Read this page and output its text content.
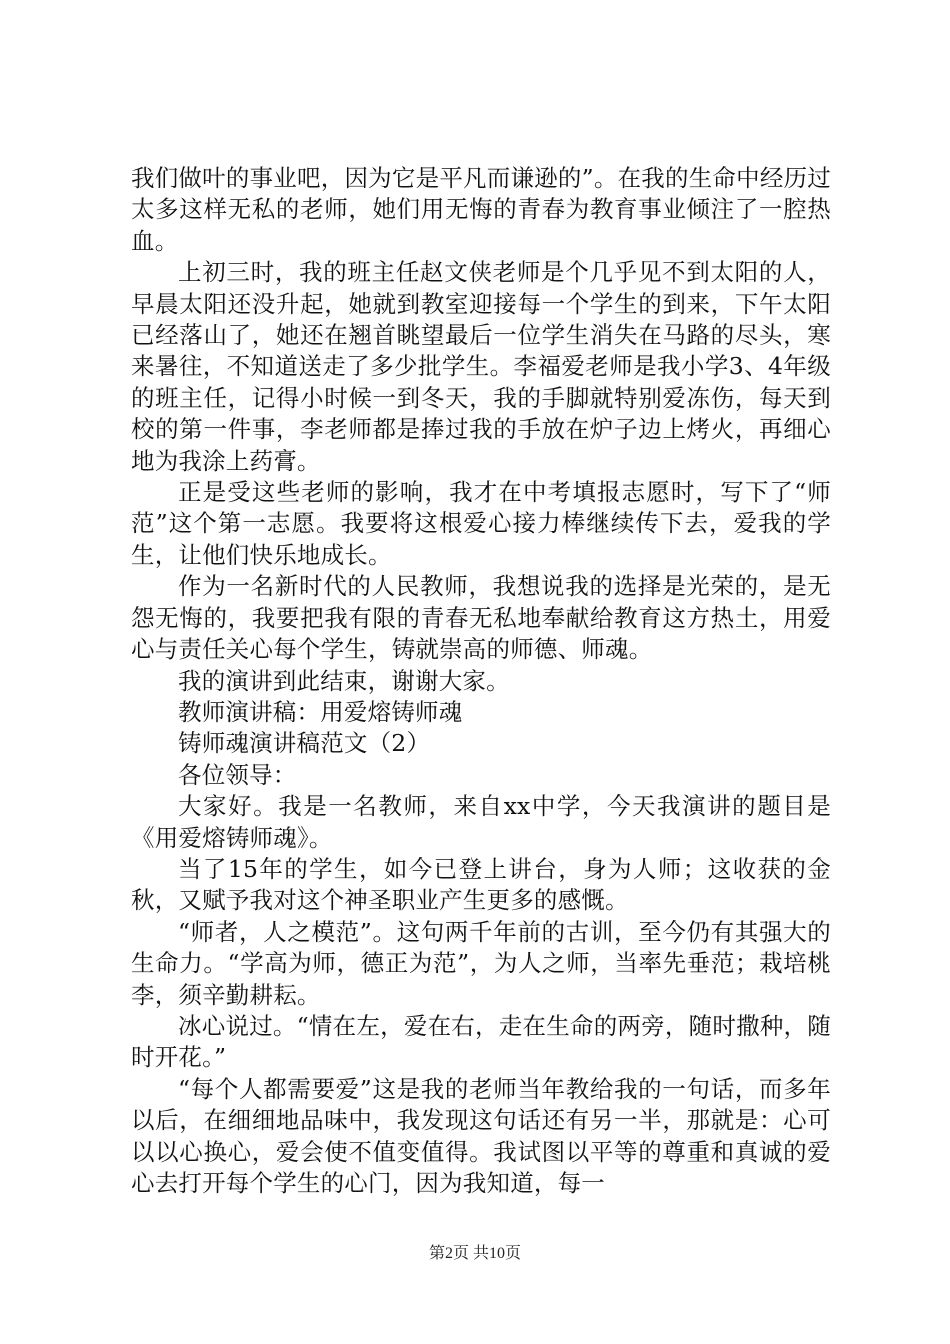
我们做叶的事业吧，因为它是平凡而谦逊的”。在我的生命中经历过太多这样无私的老师，她们用无悔的青春为教育事业倾注了一腔热血。

上初三时，我的班主任赵文侠老师是个几乎见不到太阳的人，早晨太阳还没升起，她就到教室迎接每一个学生的到来，下午太阳已经落山了，她还在翘首眺望最后一位学生消失在马路的尽头，寒来暑往，不知道送走了多少批学生。李福爱老师是我小学3、4年级的班主任，记得小时候一到冬天，我的手脚就特别爱冻伤，每天到校的第一件事，李老师都是捧过我的手放在炉子边上烤火，再细心地为我涂上药膏。

正是受这些老师的影响，我才在中考填报志愿时，写下了“师范”这个第一志愿。我要将这根爱心接力棒继续传下去，爱我的学生，让他们快乐地成长。

作为一名新时代的人民教师，我想说我的选择是光荣的，是无怨无悔的，我要把我有限的青春无私地奉献给教育这方热土，用爱心与责任关心每个学生，铸就崇高的师德、师魂。

我的演讲到此结束，谢谢大家。

教师演讲稿：用爱熔铸师魂

铸师魂演讲稿范文（2）

各位领导：

大家好。我是一名教师，来自xx中学，今天我演讲的题目是《用爱熔铸师魂》。

当了15年的学生，如今已登上讲台，身为人师；这收获的金秋，又赋予我对这个神圣职业产生更多的感慨。

“师者，人之模范”。这句两千年前的古训，至今仍有其强大的生命力。“学高为师，德正为范”，为人之师，当率先垂范；栽培桃李，须辛勤耕耘。

冰心说过。“情在左，爱在右，走在生命的两旁，随时撒种，随时开花。”

“每个人都需要爱”这是我的老师当年教给我的一句话，而多年以后，在细细地品味中，我发现这句话还有另一半，那就是：心可以以心换心，爱会使不值变值得。我试图以平等的尊重和真诚的爱心去打开每个学生的心门，因为我知道，每一

第2页 共10页
